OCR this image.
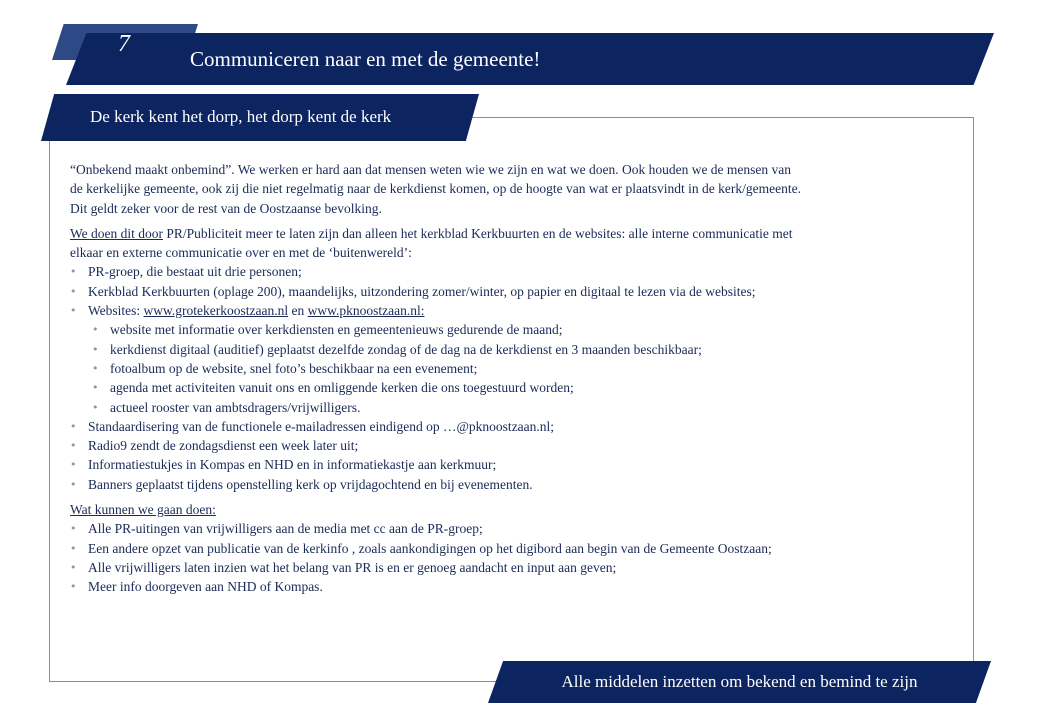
7
Communiceren naar en met de gemeente!
De kerk kent het dorp, het dorp kent de kerk

“Onbekend maakt onbemind”. We werken er hard aan dat mensen weten wie we zijn en wat we doen. Ook houden we de mensen van

de kerkelijke gemeente, ook zij die niet regelmatig naar de kerkdienst komen, op de hoogte van wat er plaatsvindt in de kerk/gemeente.

Dit geldt zeker voor de rest van de Oostzaanse bevolking.

We doen dit door PR/Publiciteit meer te laten zijn dan alleen het kerkblad Kerkbuurten en de websites: alle interne communicatie met

elkaar en externe communicatie over en met de ‘buitenwereld’:

• PR-groep, die bestaat uit drie personen;
• Kerkblad Kerkbuurten (oplage 200), maandelijks, uitzondering zomer/winter, op papier en digitaal te lezen via de websites;
• Websites: www.grotekerkoostzaan.nl en www.pknoostzaan.nl:
• website met informatie over kerkdiensten en gemeentenieuws gedurende de maand;
• kerkdienst digitaal (auditief) geplaatst dezelfde zondag of de dag na de kerkdienst en 3 maanden beschikbaar;
• fotoalbum op de website, snel foto’s beschikbaar na een evenement;
• agenda met activiteiten vanuit ons en omliggende kerken die ons toegestuurd worden;
• actueel rooster van ambtsdragers/vrijwilligers.
• Standaardisering van de functionele e-mailadressen eindigend op …@pknoostzaan.nl;
• Radio9 zendt de zondagsdienst een week later uit;
• Informatiestukjes in Kompas en NHD en in informatiekastje aan kerkmuur;
• Banners geplaatst tijdens openstelling kerk op vrijdagochtend en bij evenementen.

Wat kunnen we gaan doen:

• Alle PR-uitingen van vrijwilligers aan de media met cc aan de PR-groep;
• Een andere opzet van publicatie van de kerkinfo , zoals aankondigingen op het digibord aan begin van de Gemeente Oostzaan;
• Alle vrijwilligers laten inzien wat het belang van PR is en er genoeg aandacht en input aan geven;
• Meer info doorgeven aan NHD of Kompas.
Alle middelen inzetten om bekend en bemind te zijn
